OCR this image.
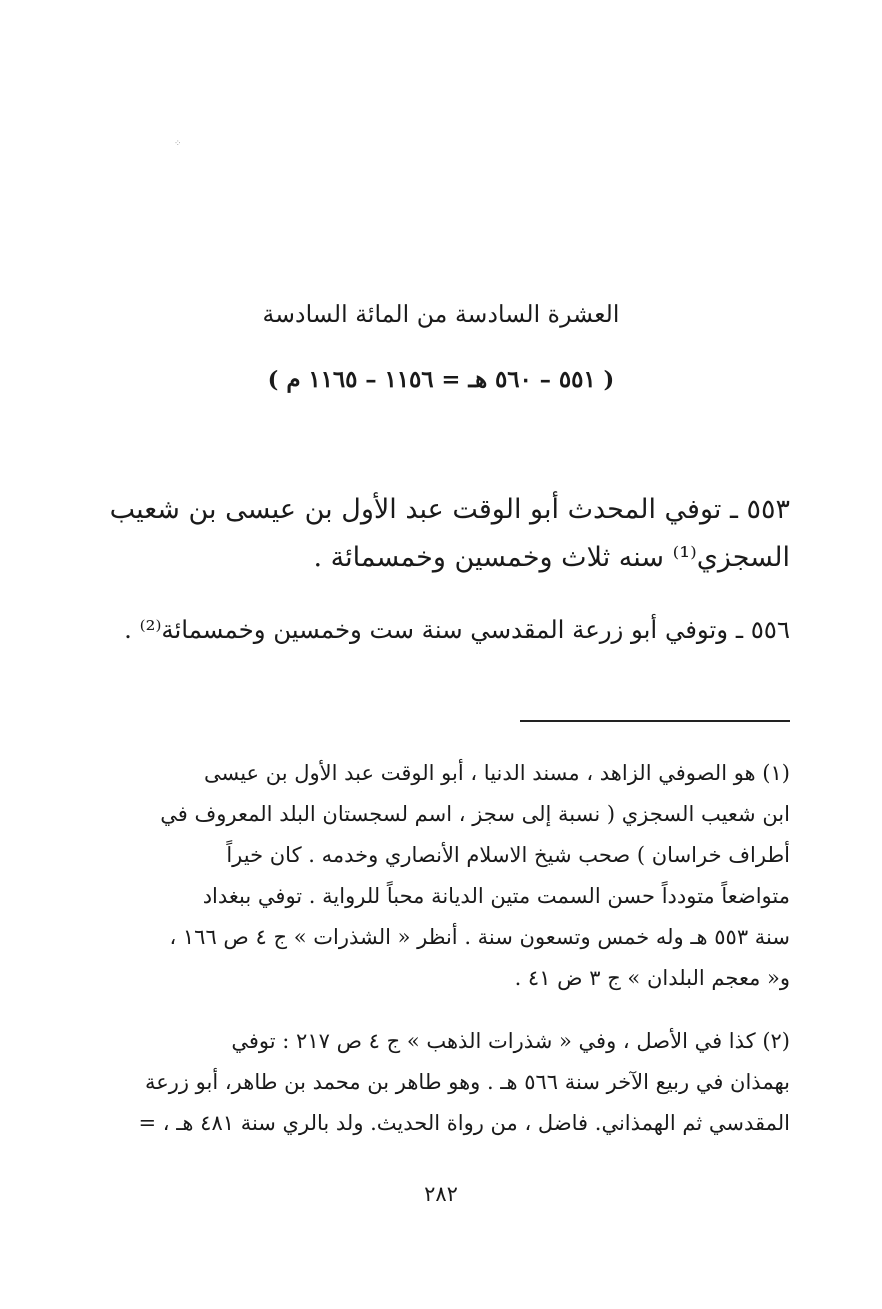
⁘
العشرة السادسة من المائة السادسة
( ٥٥١ – ٥٦٠ هـ = ١١٥٦ – ١١٦٥ م )
٥٥٣ ـ توفي المحدث أبو الوقت عبد الأول بن عيسى بن شعيب
السجزي⁽¹⁾ سنه ثلاث وخمسين وخمسمائة .
٥٥٦ ـ وتوفي أبو زرعة المقدسي سنة ست وخمسين وخمسمائة⁽²⁾ .
(١) هو الصوفي الزاهد ، مسند الدنيا ، أبو الوقت عبد الأول بن عيسى
ابن شعيب السجزي ( نسبة إلى سجز ، اسم لسجستان البلد المعروف في
أطراف خراسان ) صحب شيخ الاسلام الأنصاري وخدمه . كان خيراً
متواضعاً متودداً حسن السمت متين الديانة محباً للرواية . توفي ببغداد
سنة ٥٥٣ هـ وله خمس وتسعون سنة . أنظر « الشذرات » ج ٤ ص ١٦٦ ،
و« معجم البلدان » ج ٣ ض ٤١ .
(٢) كذا في الأصل ، وفي « شذرات الذهب » ج ٤ ص ٢١٧ : توفي
بهمذان في ربيع الآخر سنة ٥٦٦ هـ . وهو طاهر بن محمد بن طاهر، أبو زرعة
المقدسي ثم الهمذاني. فاضل ، من رواة الحديث. ولد بالري سنة ٤٨١ هـ ، =
٢٨٢
